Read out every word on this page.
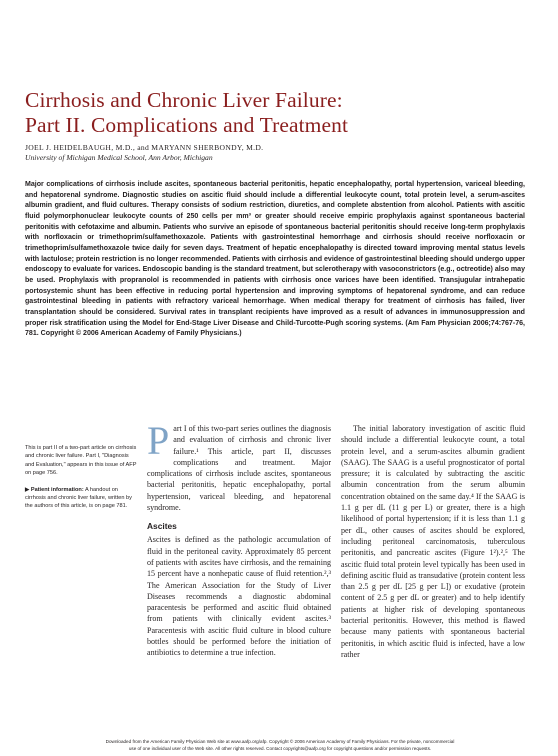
Cirrhosis and Chronic Liver Failure:
Part II. Complications and Treatment
JOEL J. HEIDELBAUGH, M.D., and MARYANN SHERBONDY, M.D.
University of Michigan Medical School, Ann Arbor, Michigan
Major complications of cirrhosis include ascites, spontaneous bacterial peritonitis, hepatic encephalopathy, portal hypertension, variceal bleeding, and hepatorenal syndrome. Diagnostic studies on ascitic fluid should include a differential leukocyte count, total protein level, a serum-ascites albumin gradient, and fluid cultures. Therapy consists of sodium restriction, diuretics, and complete abstention from alcohol. Patients with ascitic fluid polymorphonuclear leukocyte counts of 250 cells per mm³ or greater should receive empiric prophylaxis against spontaneous bacterial peritonitis with cefotaxime and albumin. Patients who survive an episode of spontaneous bacterial peritonitis should receive long-term prophylaxis with norfloxacin or trimethoprim/sulfamethoxazole. Patients with gastrointestinal hemorrhage and cirrhosis should receive norfloxacin or trimethoprim/sulfamethoxazole twice daily for seven days. Treatment of hepatic encephalopathy is directed toward improving mental status levels with lactulose; protein restriction is no longer recommended. Patients with cirrhosis and evidence of gastrointestinal bleeding should undergo upper endoscopy to evaluate for varices. Endoscopic banding is the standard treatment, but sclerotherapy with vasoconstrictors (e.g., octreotide) also may be used. Prophylaxis with propranolol is recommended in patients with cirrhosis once varices have been identified. Transjugular intrahepatic portosystemic shunt has been effective in reducing portal hypertension and improving symptoms of hepatorenal syndrome, and can reduce gastrointestinal bleeding in patients with refractory variceal hemorrhage. When medical therapy for treatment of cirrhosis has failed, liver transplantation should be considered. Survival rates in transplant recipients have improved as a result of advances in immunosuppression and proper risk stratification using the Model for End-Stage Liver Disease and Child-Turcotte-Pugh scoring systems. (Am Fam Physician 2006;74:767-76, 781. Copyright © 2006 American Academy of Family Physicians.)

This is part II of a two-part article on cirrhosis and chronic liver failure. Part I, "Diagnosis and Evaluation," appears in this issue of AFP on page 756.

▶ Patient information: A handout on cirrhosis and chronic liver failure, written by the authors of this article, is on page 781.

P art I of this two-part series outlines the diagnosis and evaluation of cirrhosis and chronic liver failure.¹ This article, part II, discusses complications and treatment. Major complications of cirrhosis include ascites, spontaneous bacterial peritonitis, hepatic encephalopathy, portal hypertension, variceal bleeding, and hepatorenal syndrome.

Ascites

Ascites is defined as the pathologic accumulation of fluid in the peritoneal cavity. Approximately 85 percent of patients with ascites have cirrhosis, and the remaining 15 percent have a nonhepatic cause of fluid retention.²,³ The American Association for the Study of Liver Diseases recommends a diagnostic abdominal paracentesis be performed and ascitic fluid obtained from patients with clinically evident ascites.³ Paracentesis with ascitic fluid culture in blood culture bottles should be performed before the initiation of antibiotics to determine a true infection.

The initial laboratory investigation of ascitic fluid should include a differential leukocyte count, a total protein level, and a serum-ascites albumin gradient (SAAG). The SAAG is a useful prognosticator of portal pressure; it is calculated by subtracting the ascitic albumin concentration from the serum albumin concentration obtained on the same day.⁴ If the SAAG is 1.1 g per dL (11 g per L) or greater, there is a high likelihood of portal hypertension; if it is less than 1.1 g per dL, other causes of ascites should be explored, including peritoneal carcinomatosis, tuberculous peritonitis, and pancreatic ascites (Figure 1²).²,⁵ The ascitic fluid total protein level typically has been used in defining ascitic fluid as transudative (protein content less than 2.5 g per dL [25 g per L]) or exudative (protein content of 2.5 g per dL or greater) and to help identify patients at higher risk of developing spontaneous bacterial peritonitis. However, this method is flawed because many patients with spontaneous bacterial peritonitis, in which ascitic fluid is infected, have a low rather

Downloaded from the American Family Physician Web site at www.aafp.org/afp. Copyright © 2006 American Academy of Family Physicians. For the private, noncommercial
use of one individual user of the Web site. All other rights reserved. Contact copyrights@aafp.org for copyright questions and/or permission requests.
